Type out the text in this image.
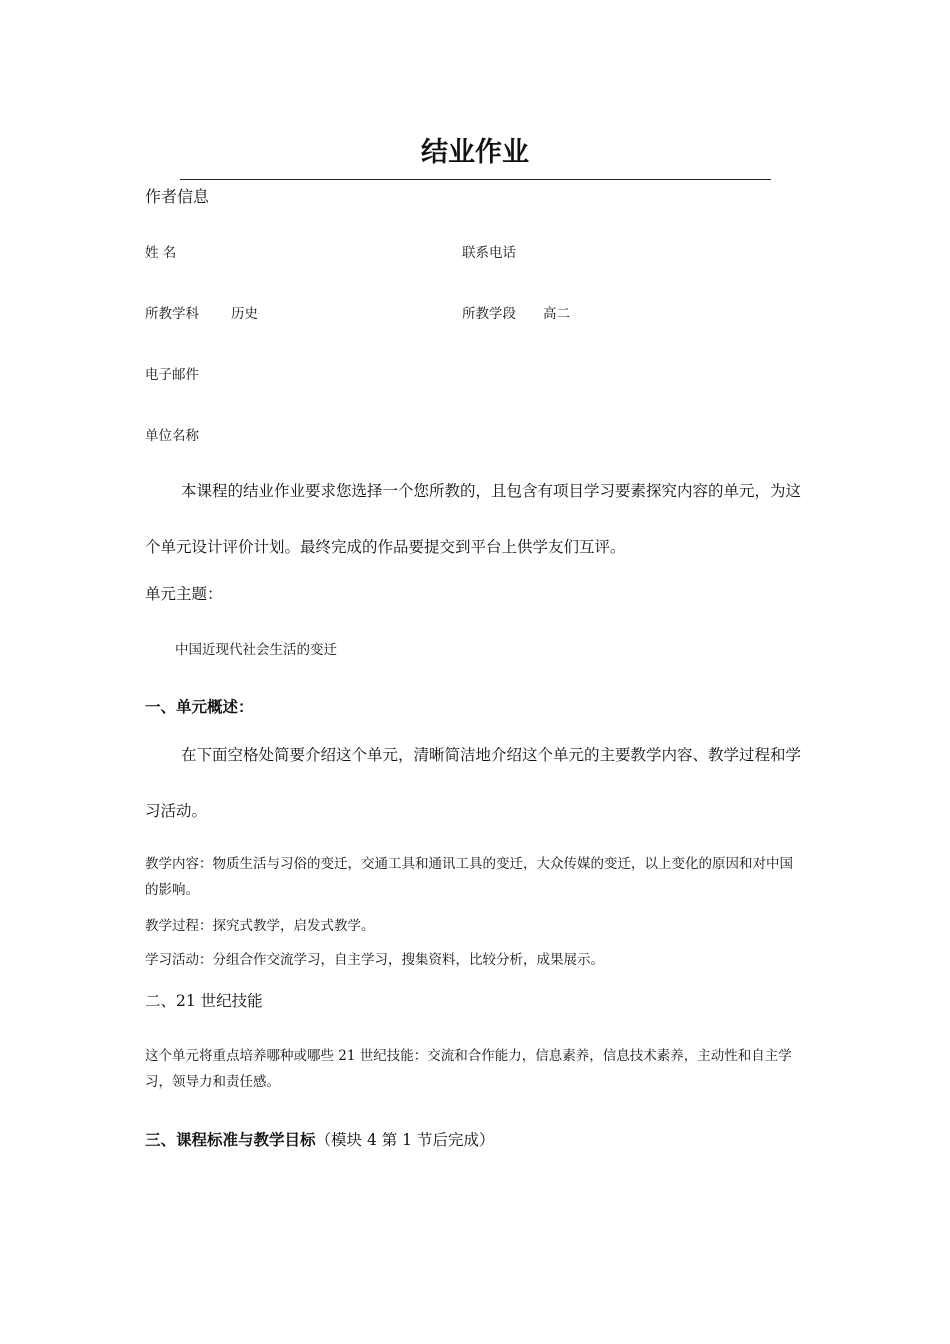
结业作业
作者信息
姓 名	联系电话
所教学科 历史	所教学段 高二
电子邮件
单位名称
本课程的结业作业要求您选择一个您所教的，且包含有项目学习要素探究内容的单元，为这个单元设计评价计划。最终完成的作品要提交到平台上供学友们互评。
单元主题：
中国近现代社会生活的变迁
一、单元概述：
在下面空格处简要介绍这个单元，清晰简洁地介绍这个单元的主要教学内容、教学过程和学习活动。
教学内容：物质生活与习俗的变迁，交通工具和通讯工具的变迁，大众传媒的变迁，以上变化的原因和对中国的影响。
教学过程：探究式教学，启发式教学。
学习活动：分组合作交流学习，自主学习，搜集资料，比较分析，成果展示。
二、21 世纪技能
这个单元将重点培养哪种或哪些 21 世纪技能：交流和合作能力，信息素养，信息技术素养，主动性和自主学习，领导力和责任感。
三、课程标准与教学目标（模块 4 第 1 节后完成）
